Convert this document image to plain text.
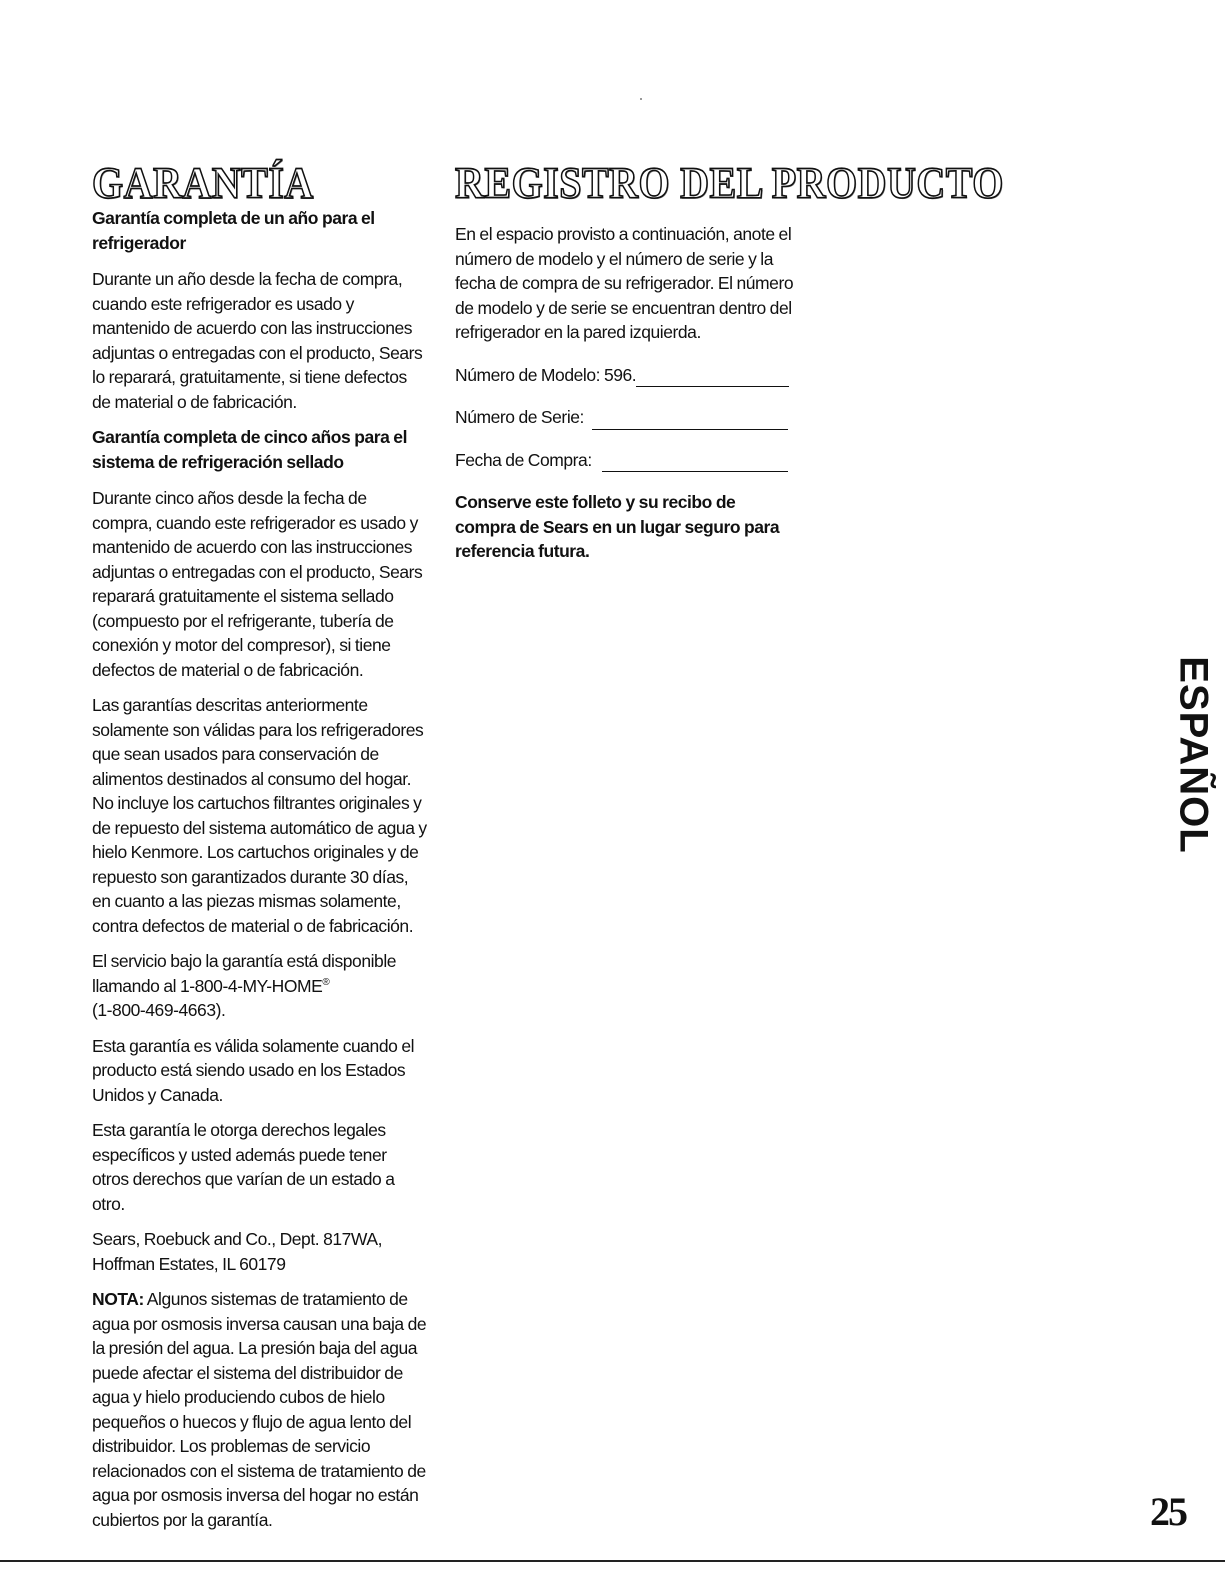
GARANTÍA

Garantía completa de un año para el refrigerador

Durante un año desde la fecha de compra, cuando este refrigerador es usado y mantenido de acuerdo con las instrucciones adjuntas o entregadas con el producto, Sears lo reparará, gratuitamente, si tiene defectos de material o de fabricación.

Garantía completa de cinco años para el sistema de refrigeración sellado

Durante cinco años desde la fecha de compra, cuando este refrigerador es usado y mantenido de acuerdo con las instrucciones adjuntas o entregadas con el producto, Sears reparará gratuitamente el sistema sellado (compuesto por el refrigerante, tubería de conexión y motor del compresor), si tiene defectos de material o de fabricación.

Las garantías descritas anteriormente solamente son válidas para los refrigeradores que sean usados para conservación de alimentos destinados al consumo del hogar. No incluye los cartuchos filtrantes originales y de repuesto del sistema automático de agua y hielo Kenmore. Los cartuchos originales y de repuesto son garantizados durante 30 días, en cuanto a las piezas mismas solamente, contra defectos de material o de fabricación.

El servicio bajo la garantía está disponible llamando al 1-800-4-MY-HOME®
(1-800-469-4663).

Esta garantía es válida solamente cuando el producto está siendo usado en los Estados Unidos y Canada.

Esta garantía le otorga derechos legales específicos y usted además puede tener otros derechos que varían de un estado a otro.

Sears, Roebuck and Co., Dept. 817WA,
Hoffman Estates, IL 60179

NOTA: Algunos sistemas de tratamiento de agua por osmosis inversa causan una baja de la presión del agua. La presión baja del agua puede afectar el sistema del distribuidor de agua y hielo produciendo cubos de hielo pequeños o huecos y flujo de agua lento del distribuidor. Los problemas de servicio relacionados con el sistema de tratamiento de agua por osmosis inversa del hogar no están cubiertos por la garantía.

REGISTRO DEL PRODUCTO

En el espacio provisto a continuación, anote el número de modelo y el número de serie y la fecha de compra de su refrigerador. El número de modelo y de serie se encuentran dentro del refrigerador en la pared izquierda.

Número de Modelo: 596.
Número de Serie:
Fecha de Compra:

Conserve este folleto y su recibo de compra de Sears en un lugar seguro para referencia futura.

ESPAÑOL
25
